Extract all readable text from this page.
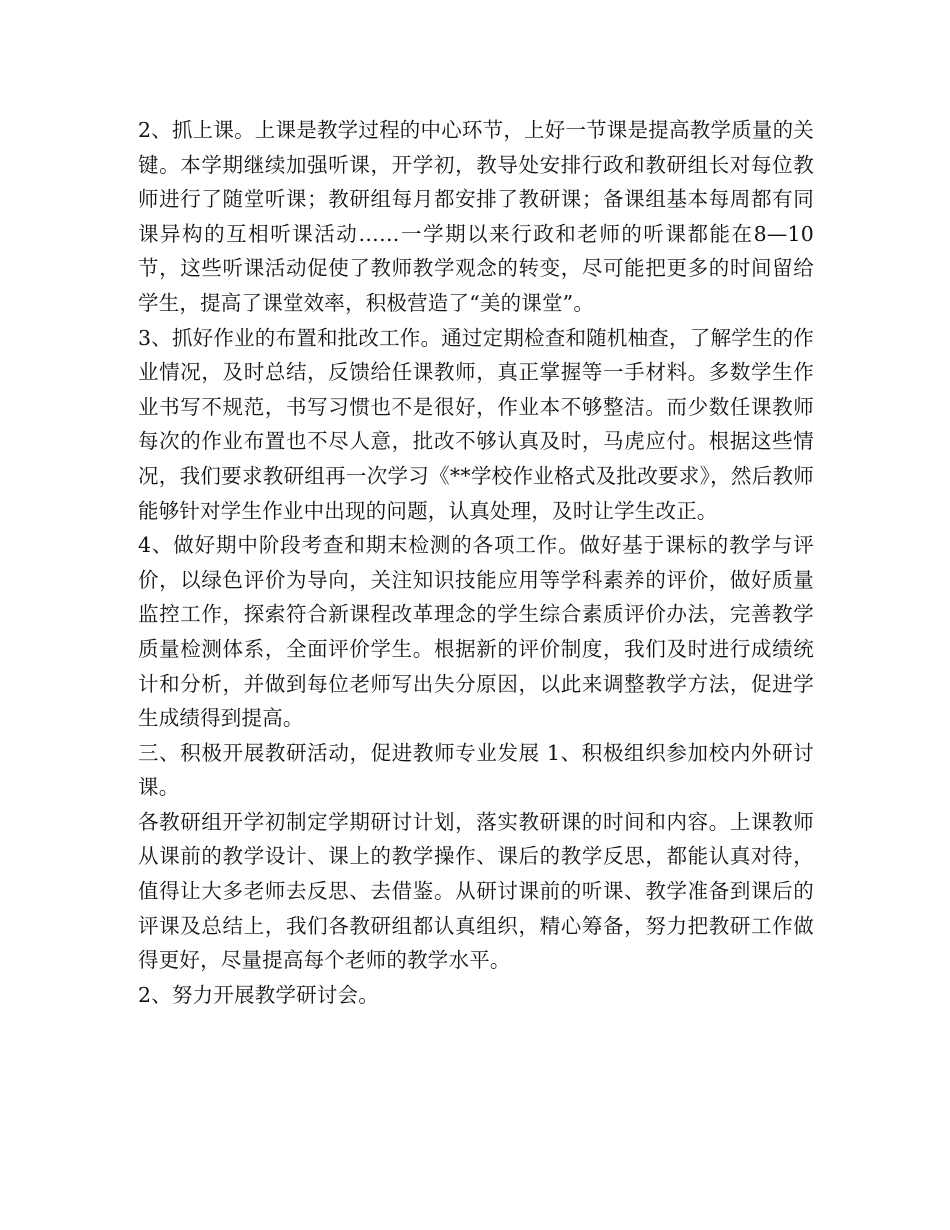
2、抓上课。上课是教学过程的中心环节，上好一节课是提高教学质量的关键。本学期继续加强听课，开学初，教导处安排行政和教研组长对每位教师进行了随堂听课；教研组每月都安排了教研课；备课组基本每周都有同课异构的互相听课活动……一学期以来行政和老师的听课都能在8—10节，这些听课活动促使了教师教学观念的转变，尽可能把更多的时间留给学生，提高了课堂效率，积极营造了“美的课堂”。

3、抓好作业的布置和批改工作。通过定期检查和随机柚查，了解学生的作业情况，及时总结，反馈给任课教师，真正掌握等一手材料。多数学生作业书写不规范，书写习惯也不是很好，作业本不够整洁。而少数任课教师每次的作业布置也不尽人意，批改不够认真及时，马虎应付。根据这些情况，我们要求教研组再一次学习《**学校作业格式及批改要求》，然后教师能够针对学生作业中出现的问题，认真处理，及时让学生改正。

4、做好期中阶段考查和期末检测的各项工作。做好基于课标的教学与评价，以绿色评价为导向，关注知识技能应用等学科素养的评价，做好质量监控工作，探索符合新课程改革理念的学生综合素质评价办法，完善教学质量检测体系，全面评价学生。根据新的评价制度，我们及时进行成绩统计和分析，并做到每位老师写出失分原因，以此来调整教学方法，促进学生成绩得到提高。

三、积极开展教研活动，促进教师专业发展 1、积极组织参加校内外研讨课。

各教研组开学初制定学期研讨计划，落实教研课的时间和内容。上课教师从课前的教学设计、课上的教学操作、课后的教学反思，都能认真对待，值得让大多老师去反思、去借鉴。从研讨课前的听课、教学准备到课后的评课及总结上，我们各教研组都认真组织，精心筹备，努力把教研工作做得更好，尽量提高每个老师的教学水平。

2、努力开展教学研讨会。
